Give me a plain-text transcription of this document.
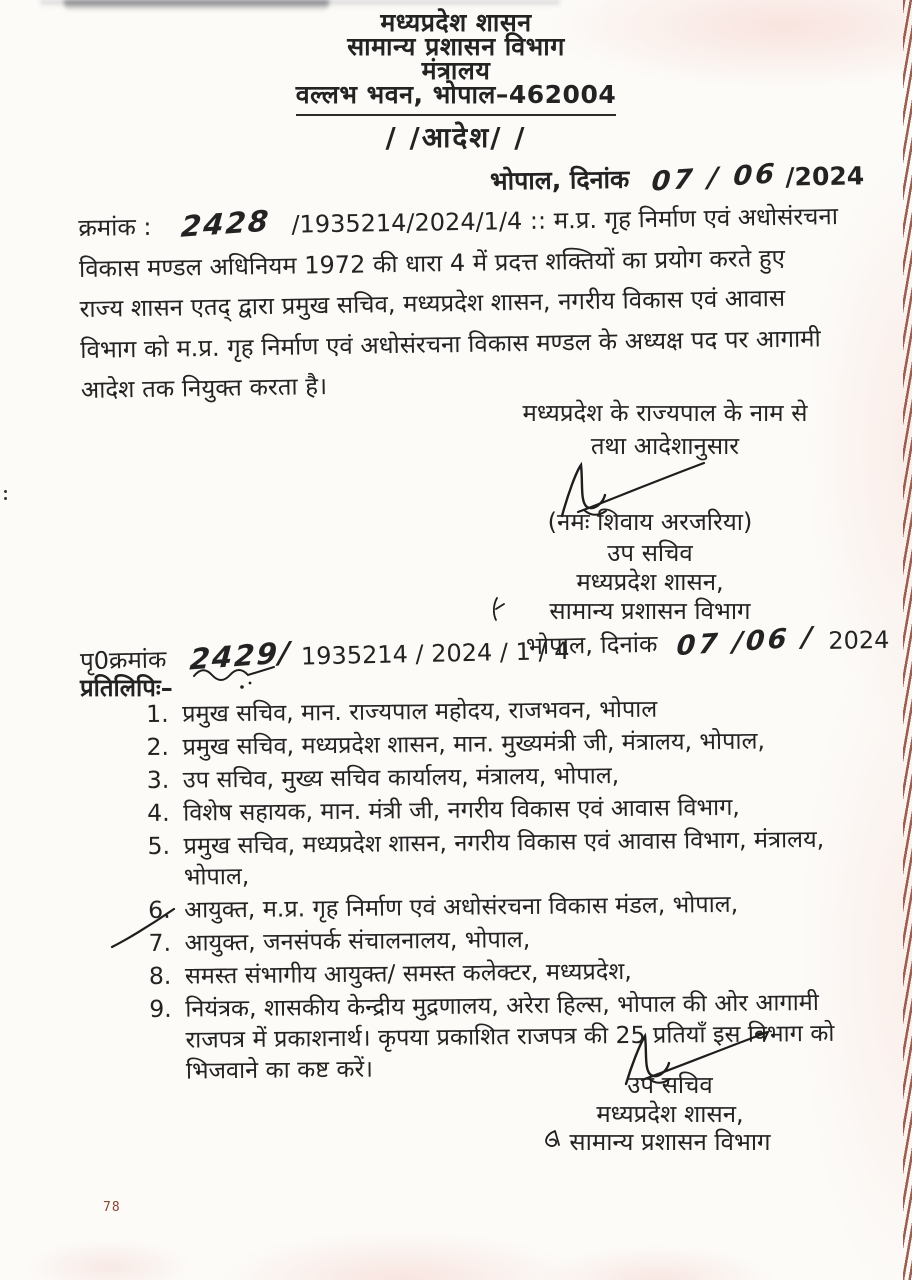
मध्यप्रदेश शासन
सामान्य प्रशासन विभाग
मंत्रालय
वल्लभ भवन, भोपाल–462004
/ /आदेश/ /
भोपाल, दिनांक 07 / 06 /2024
क्रमांक : 2428 /1935214/2024/1/4 :: म.प्र. गृह निर्माण एवं अधोसंरचना
विकास मण्डल अधिनियम 1972 की धारा 4 में प्रदत्त शक्तियों का प्रयोग करते हुए
राज्य शासन एतद् द्वारा प्रमुख सचिव, मध्यप्रदेश शासन, नगरीय विकास एवं आवास
विभाग को म.प्र. गृह निर्माण एवं अधोसंरचना विकास मण्डल के अध्यक्ष पद पर आगामी
आदेश तक नियुक्त करता है।
मध्यप्रदेश के राज्यपाल के नाम से
तथा आदेशानुसार
(नमः शिवाय अरजरिया)
उप सचिव
मध्यप्रदेश शासन,
सामान्य प्रशासन विभाग
भोपाल, दिनांक 07 /06 / 2024
पृ0क्रमांक 2429/ 1935214 / 2024 / 1 / 4
प्रतिलिपिः–
1. प्रमुख सचिव, मान. राज्यपाल महोदय, राजभवन, भोपाल
2. प्रमुख सचिव, मध्यप्रदेश शासन, मान. मुख्यमंत्री जी, मंत्रालय, भोपाल,
3. उप सचिव, मुख्य सचिव कार्यालय, मंत्रालय, भोपाल,
4. विशेष सहायक, मान. मंत्री जी, नगरीय विकास एवं आवास विभाग,
5. प्रमुख सचिव, मध्यप्रदेश शासन, नगरीय विकास एवं आवास विभाग, मंत्रालय, भोपाल,
6. आयुक्त, म.प्र. गृह निर्माण एवं अधोसंरचना विकास मंडल, भोपाल,
7. आयुक्त, जनसंपर्क संचालनालय, भोपाल,
8. समस्त संभागीय आयुक्त/ समस्त कलेक्टर, मध्यप्रदेश,
9. नियंत्रक, शासकीय केन्द्रीय मुद्रणालय, अरेरा हिल्स, भोपाल की ओर आगामी राजपत्र में प्रकाशनार्थ। कृपया प्रकाशित राजपत्र की 25 प्रतियाँ इस विभाग को भिजवाने का कष्ट करें।
उप सचिव
मध्यप्रदेश शासन,
सामान्य प्रशासन विभाग
78
